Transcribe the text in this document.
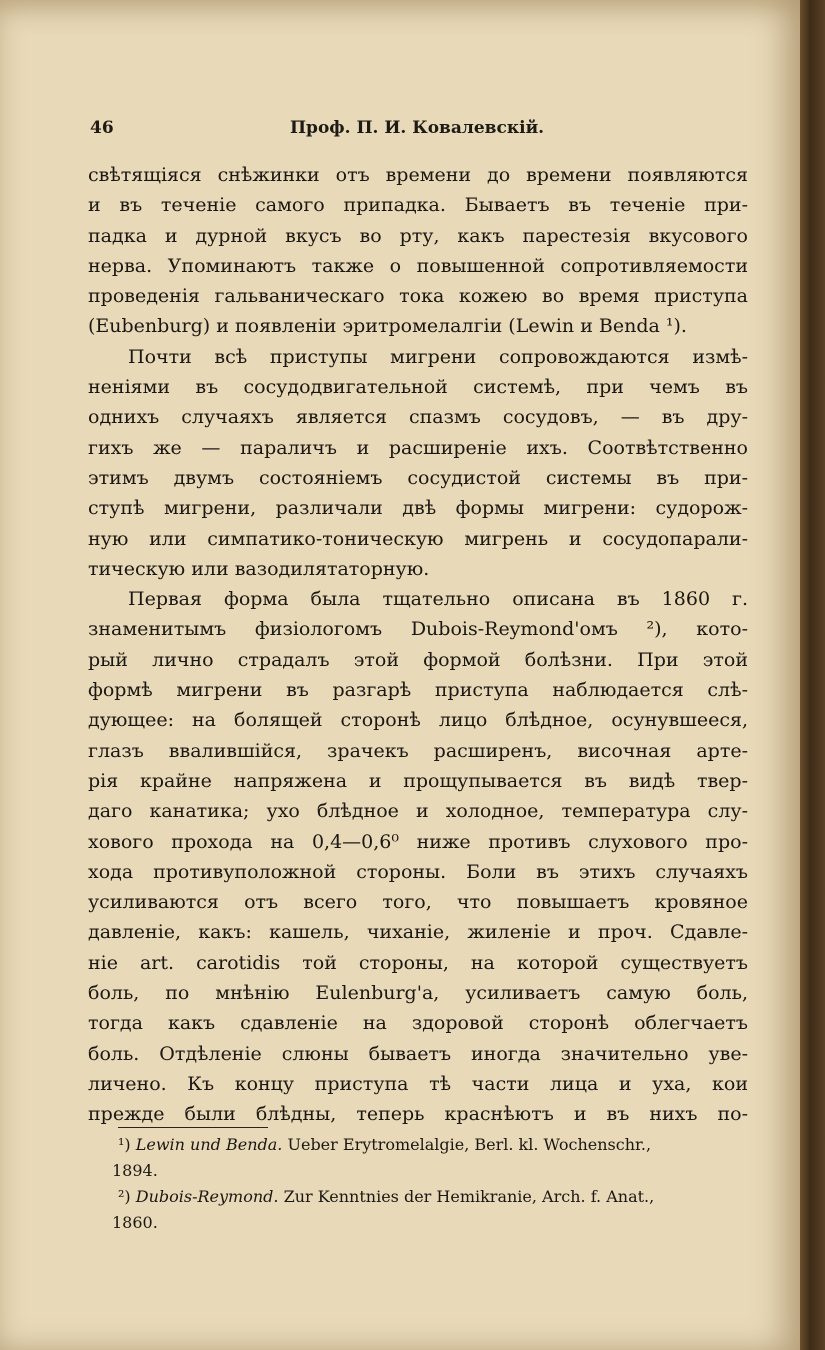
46	Проф. П. И. Ковалевскій.
свѣтящіяся снѣжинки отъ времени до времени появляются
и въ теченіе самого припадка. Бываетъ въ теченіе при-
падка и дурной вкусъ во рту, какъ парестезія вкусового
нерва. Упоминаютъ также о повышенной сопротивляемости
проведенія гальваническаго тока кожею во время приступа
(Eubenburg) и появленіи эритромелалгіи (Lewin и Benda ¹).
Почти всѣ приступы мигрени сопровождаются измѣ-
неніями въ сосудодвигательной системѣ, при чемъ въ
однихъ случаяхъ является спазмъ сосудовъ, — въ дру-
гихъ же — параличъ и расширеніе ихъ. Соотвѣтственно
этимъ двумъ состояніемъ сосудистой системы въ при-
ступѣ мигрени, различали двѣ формы мигрени: судорож-
ную или симпатико-тоническую мигрень и сосудопарали-
тическую или вазодилятаторную.
Первая форма была тщательно описана въ 1860 г.
знаменитымъ физіологомъ Dubois-Reymond'омъ ²), кото-
рый лично страдалъ этой формой болѣзни. При этой
формѣ мигрени въ разгарѣ приступа наблюдается слѣ-
дующее: на болящей сторонѣ лицо блѣдное, осунувшееся,
глазъ ввалившійся, зрачекъ расширенъ, височная арте-
рія крайне напряжена и прощупывается въ видѣ твер-
даго канатика; ухо блѣдное и холодное, температура слу-
хового прохода на 0,4—0,6⁰ ниже противъ слухового про-
хода противуположной стороны. Боли въ этихъ случаяхъ
усиливаются отъ всего того, что повышаетъ кровяное
давленіе, какъ: кашель, чиханіе, жиленіе и проч. Сдавле-
ніе art. carotidis той стороны, на которой существуетъ
боль, по мнѣнію Eulenburg'a, усиливаетъ самую боль,
тогда какъ сдавленіе на здоровой сторонѣ облегчаетъ
боль. Отдѣленіе слюны бываетъ иногда значительно уве-
личено. Къ концу приступа тѣ части лица и уха, кои
прежде были блѣдны, теперь краснѣютъ и въ нихъ по-
¹) Lewin und Benda. Ueber Erytromelalgie, Berl. kl. Wochenschr.,
1894.
²) Dubois-Reymond. Zur Kenntnies der Hemikranie, Arch. f. Anat.,
1860.
